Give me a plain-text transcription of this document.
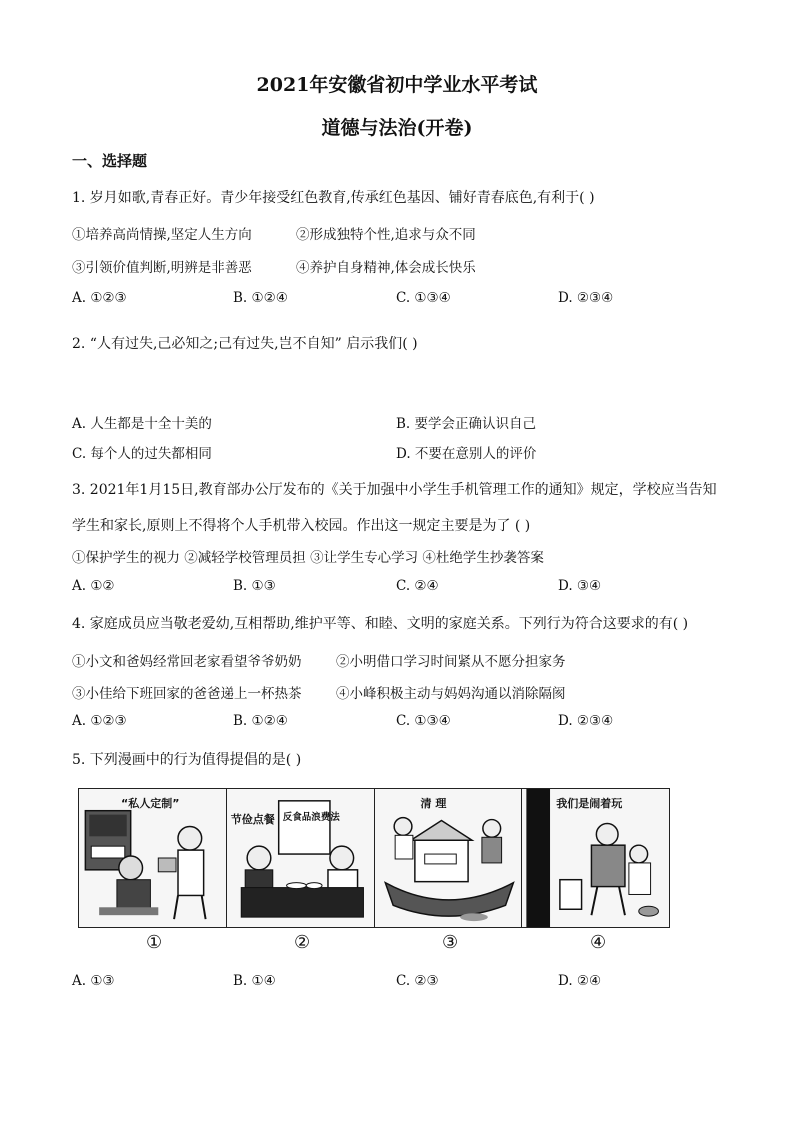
2021年安徽省初中学业水平考试
道德与法治(开卷)
一、选择题
1. 岁月如歌,青春正好。青少年接受红色教育,传承红色基因、铺好青春底色,有利于( )
①培养高尚情操,坚定人生方向	②形成独特个性,追求与众不同
③引领价值判断,明辨是非善恶	④养护自身精神,体会成长快乐
A. ①②③	B. ①②④	C. ①③④	D. ②③④
2. “人有过失,己必知之;己有过失,岂不自知” 启示我们( )
A. 人生都是十全十美的	B. 要学会正确认识自己
C. 每个人的过失都相同	D. 不要在意别人的评价
3. 2021年1月15日,教育部办公厅发布的《关于加强中小学生手机管理工作的通知》规定，学校应当告知
学生和家长,原则上不得将个人手机带入校园。作出这一规定主要是为了 ( )
①保护学生的视力 ②减轻学校管理员担 ③让学生专心学习 ④杜绝学生抄袭答案
A. ①②	B. ①③	C. ②④	D. ③④
4. 家庭成员应当敬老爱幼,互相帮助,维护平等、和睦、文明的家庭关系。下列行为符合这要求的有( )
①小文和爸妈经常回老家看望爷爷奶奶	②小明借口学习时间紧从不愿分担家务
③小佳给下班回家的爸爸递上一杯热茶	④小峰积极主动与妈妈沟通以消除隔阂
A. ①②③	B. ①②④	C. ①③④	D. ②③④
5. 下列漫画中的行为值得提倡的是( )
“私人定制”
节俭点餐 反食品浪费法
清 理	我们是闹着玩
①	②	③	④
A. ①③	B. ①④	C. ②③	D. ②④
